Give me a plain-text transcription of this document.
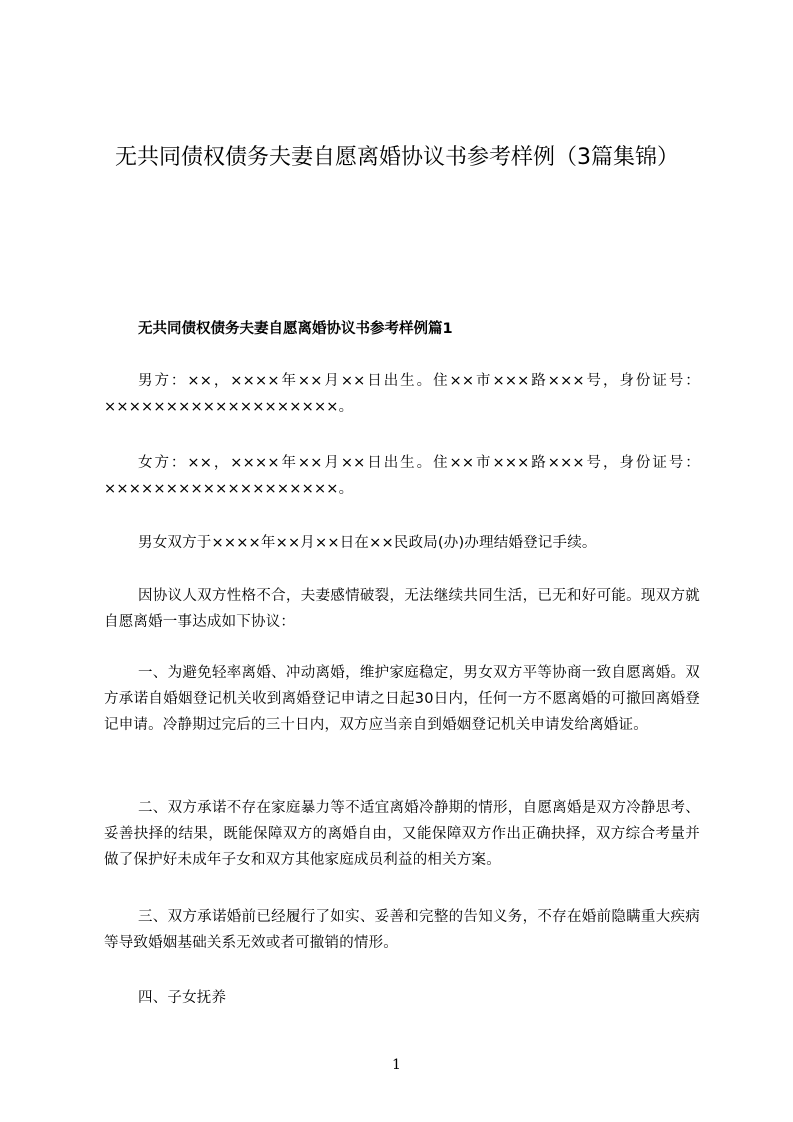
无共同债权债务夫妻自愿离婚协议书参考样例（3篇集锦）
无共同债权债务夫妻自愿离婚协议书参考样例篇1

男方：××，××××年××月××日出生。住××市×××路×××号，身份证号：×××××××××××××××××××。

女方：××，××××年××月××日出生。住××市×××路×××号，身份证号：×××××××××××××××××××。

男女双方于××××年××月××日在××民政局(办)办理结婚登记手续。

因协议人双方性格不合，夫妻感情破裂，无法继续共同生活，已无和好可能。现双方就自愿离婚一事达成如下协议：

一、为避免轻率离婚、冲动离婚，维护家庭稳定，男女双方平等协商一致自愿离婚。双方承诺自婚姻登记机关收到离婚登记申请之日起30日内，任何一方不愿离婚的可撤回离婚登记申请。冷静期过完后的三十日内，双方应当亲自到婚姻登记机关申请发给离婚证。

二、双方承诺不存在家庭暴力等不适宜离婚冷静期的情形，自愿离婚是双方冷静思考、妥善抉择的结果，既能保障双方的离婚自由，又能保障双方作出正确抉择，双方综合考量并做了保护好未成年子女和双方其他家庭成员利益的相关方案。

三、双方承诺婚前已经履行了如实、妥善和完整的告知义务，不存在婚前隐瞒重大疾病等导致婚姻基础关系无效或者可撤销的情形。

四、子女抚养

1
